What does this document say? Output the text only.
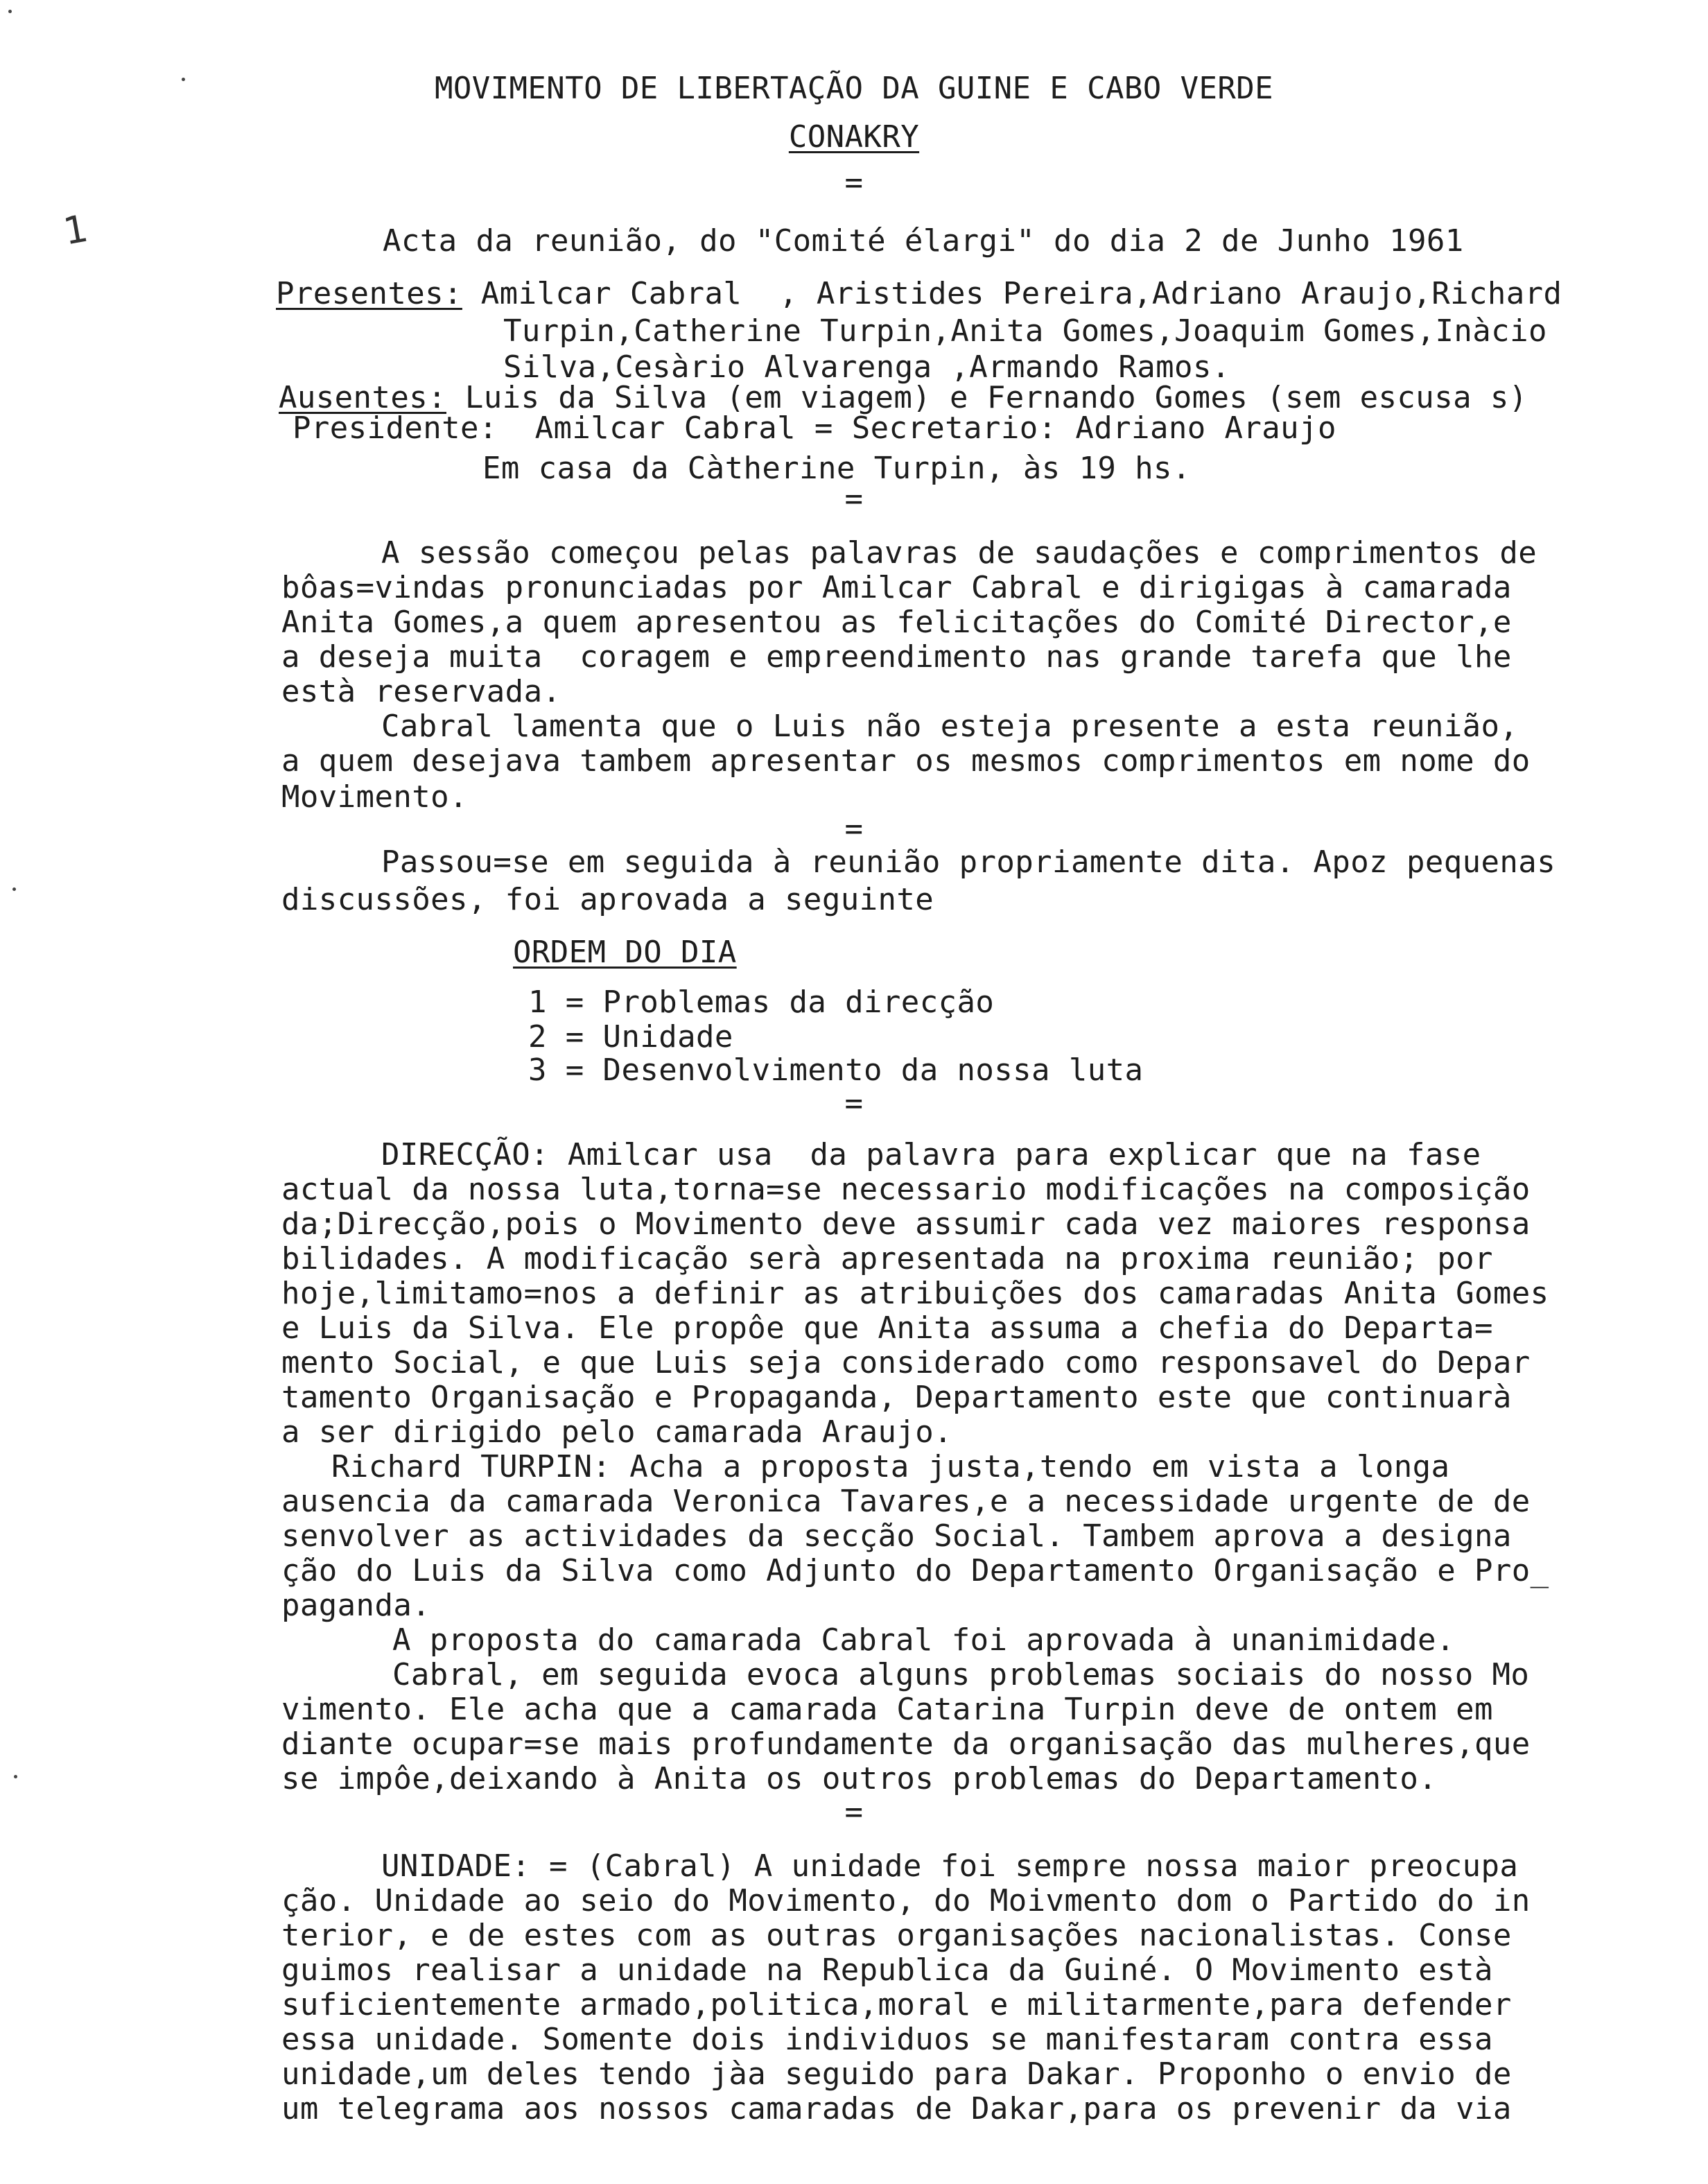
1
MOVIMENTO DE LIBERTAÇÃO DA GUINE E CABO VERDE
CONAKRY
=
Acta da reunião, do "Comité élargi" do dia 2 de Junho 1961
Presentes: Amilcar Cabral  , Aristides Pereira,Adriano Araujo,Richard
Turpin,Catherine Turpin,Anita Gomes,Joaquim Gomes,Inàcio
Silva,Cesàrio Alvarenga ,Armando Ramos.
Ausentes: Luis da Silva (em viagem) e Fernando Gomes (sem escusa s)
Presidente:  Amilcar Cabral = Secretario: Adriano Araujo
Em casa da Càtherine Turpin, às 19 hs.
=
A sessão começou pelas palavras de saudações e comprimentos de
bôas=vindas pronunciadas por Amilcar Cabral e dirigigas à camarada
Anita Gomes,a quem apresentou as felicitações do Comité Director,e
a deseja muita  coragem e empreendimento nas grande tarefa que lhe
està reservada.
Cabral lamenta que o Luis não esteja presente a esta reunião,
a quem desejava tambem apresentar os mesmos comprimentos em nome do
Movimento.
=
Passou=se em seguida à reunião propriamente dita. Apoz pequenas
discussões, foi aprovada a seguinte
ORDEM DO DIA
1 = Problemas da direcção
2 = Unidade
3 = Desenvolvimento da nossa luta
=
DIRECÇÃO: Amilcar usa  da palavra para explicar que na fase
actual da nossa luta,torna=se necessario modificações na composição
da;Direcção,pois o Movimento deve assumir cada vez maiores responsa
bilidades. A modificação serà apresentada na proxima reunião; por
hoje,limitamo=nos a definir as atribuições dos camaradas Anita Gomes
e Luis da Silva. Ele propôe que Anita assuma a chefia do Departa=
mento Social, e que Luis seja considerado como responsavel do Depar
tamento Organisação e Propaganda, Departamento este que continuarà
a ser dirigido pelo camarada Araujo.
Richard TURPIN: Acha a proposta justa,tendo em vista a longa
ausencia da camarada Veronica Tavares,e a necessidade urgente de de
senvolver as actividades da secção Social. Tambem aprova a designa
ção do Luis da Silva como Adjunto do Departamento Organisação e Pro_
paganda.
A proposta do camarada Cabral foi aprovada à unanimidade.
Cabral, em seguida evoca alguns problemas sociais do nosso Mo
vimento. Ele acha que a camarada Catarina Turpin deve de ontem em
diante ocupar=se mais profundamente da organisação das mulheres,que
se impôe,deixando à Anita os outros problemas do Departamento.
=
UNIDADE: = (Cabral) A unidade foi sempre nossa maior preocupa
ção. Unidade ao seio do Movimento, do Moivmento dom o Partido do in
terior, e de estes com as outras organisações nacionalistas. Conse
guimos realisar a unidade na Republica da Guiné. O Movimento està
suficientemente armado,politica,moral e militarmente,para defender
essa unidade. Somente dois individuos se manifestaram contra essa
unidade,um deles tendo jàa seguido para Dakar. Proponho o envio de
um telegrama aos nossos camaradas de Dakar,para os prevenir da via
